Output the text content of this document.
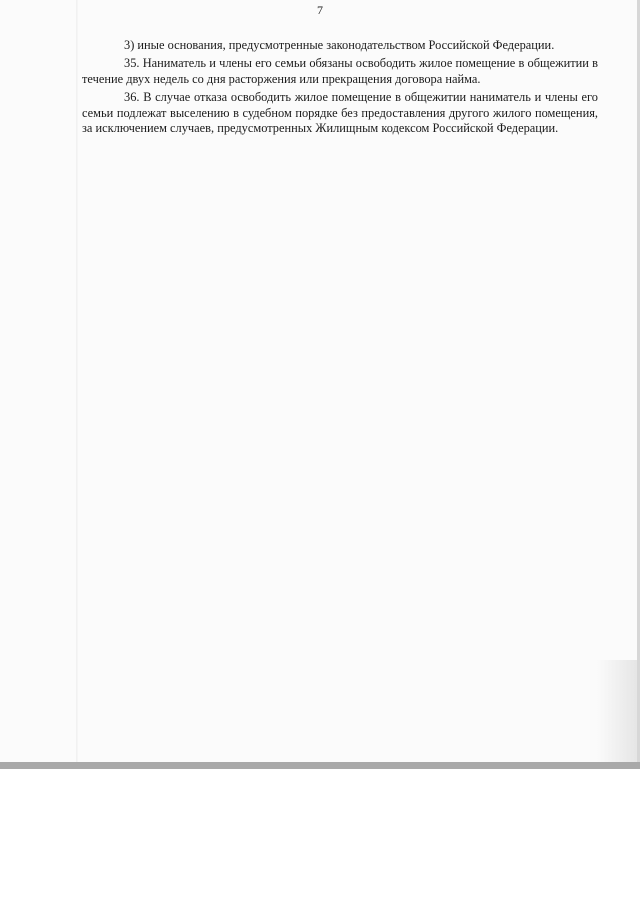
7

3) иные основания, предусмотренные законодательством Российской Федерации.

35. Наниматель и члены его семьи обязаны освободить жилое помещение в общежитии в течение двух недель со дня расторжения или прекращения договора найма.

36. В случае отказа освободить жилое помещение в общежитии наниматель и члены его семьи подлежат выселению в судебном порядке без предоставления другого жилого помещения, за исключением случаев, предусмотренных Жилищным кодексом Российской Федерации.
